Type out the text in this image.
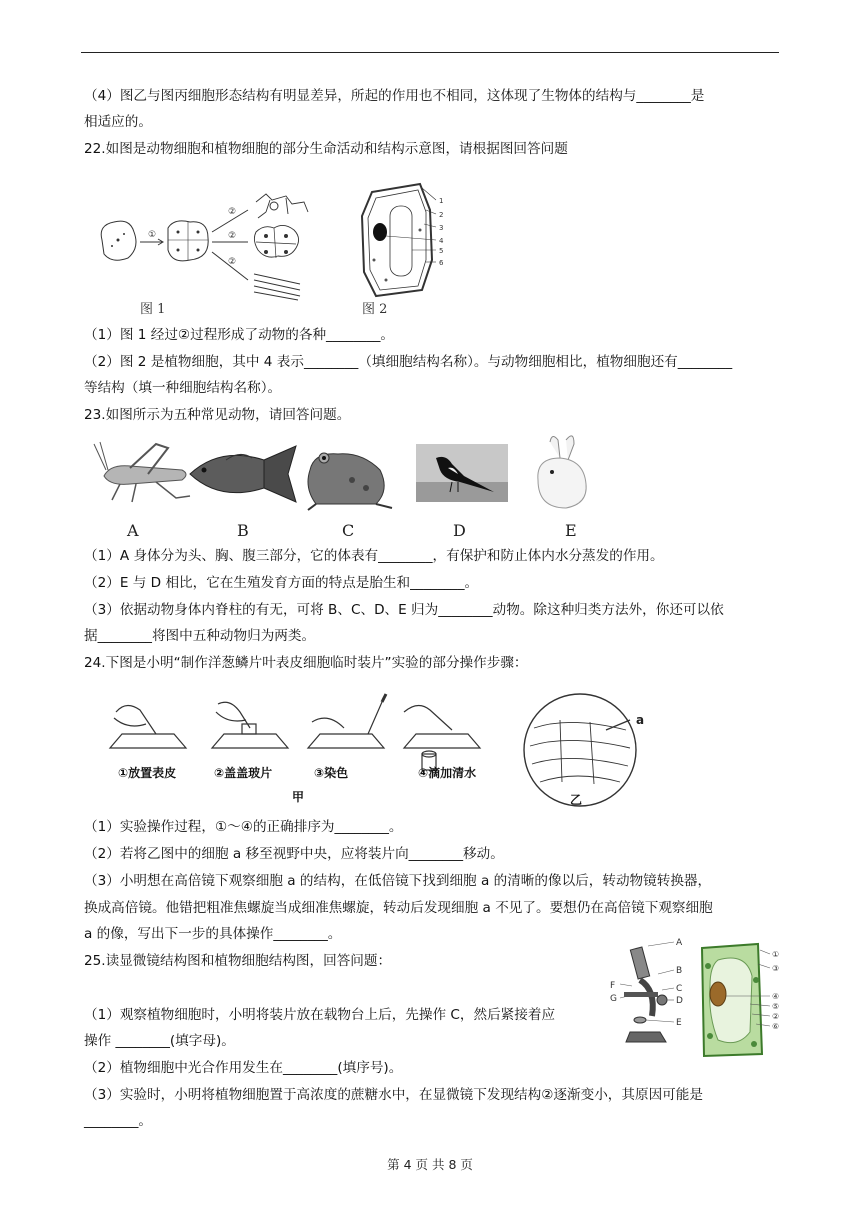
（4）图乙与图丙细胞形态结构有明显差异，所起的作用也不相同，这体现了生物体的结构与________是
相适应的。
22.如图是动物细胞和植物细胞的部分生命活动和结构示意图，请根据图回答问题
①
②
②
②
1
2
3
4
5
6
图 1	图 2
（1）图 1 经过②过程形成了动物的各种________。
（2）图 2 是植物细胞，其中 4 表示________（填细胞结构名称）。与动物细胞相比，植物细胞还有________
等结构（填一种细胞结构名称）。
23.如图所示为五种常见动物，请回答问题。
A	B	C	D	E
（1）A 身体分为头、胸、腹三部分，它的体表有________，有保护和防止体内水分蒸发的作用。
（2）E 与 D 相比，它在生殖发育方面的特点是胎生和________。
（3）依据动物身体内脊柱的有无，可将 B、C、D、E 归为________动物。除这种归类方法外，你还可以依
据________将图中五种动物归为两类。
24.下图是小明“制作洋葱鳞片叶表皮细胞临时装片”实验的部分操作步骤：
a
①放置表皮	②盖盖玻片	③染色	④滴加清水
甲	乙
（1）实验操作过程，①～④的正确排序为________。
（2）若将乙图中的细胞 a 移至视野中央，应将装片向________移动。
（3）小明想在高倍镜下观察细胞 a 的结构，在低倍镜下找到细胞 a 的清晰的像以后，转动物镜转换器，
换成高倍镜。他错把粗准焦螺旋当成细准焦螺旋，转动后发现细胞 a 不见了。要想仍在高倍镜下观察细胞
a 的像，写出下一步的具体操作________。
25.读显微镜结构图和植物细胞结构图，回答问题：
A
B
C
D
E
F
G
①
③
④
⑤
②
⑥
（1）观察植物细胞时，小明将装片放在载物台上后，先操作 C，然后紧接着应
操作 ________(填字母)。
（2）植物细胞中光合作用发生在________(填序号)。
（3）实验时，小明将植物细胞置于高浓度的蔗糖水中，在显微镜下发现结构②逐渐变小，其原因可能是
________。
第 4 页 共 8 页
